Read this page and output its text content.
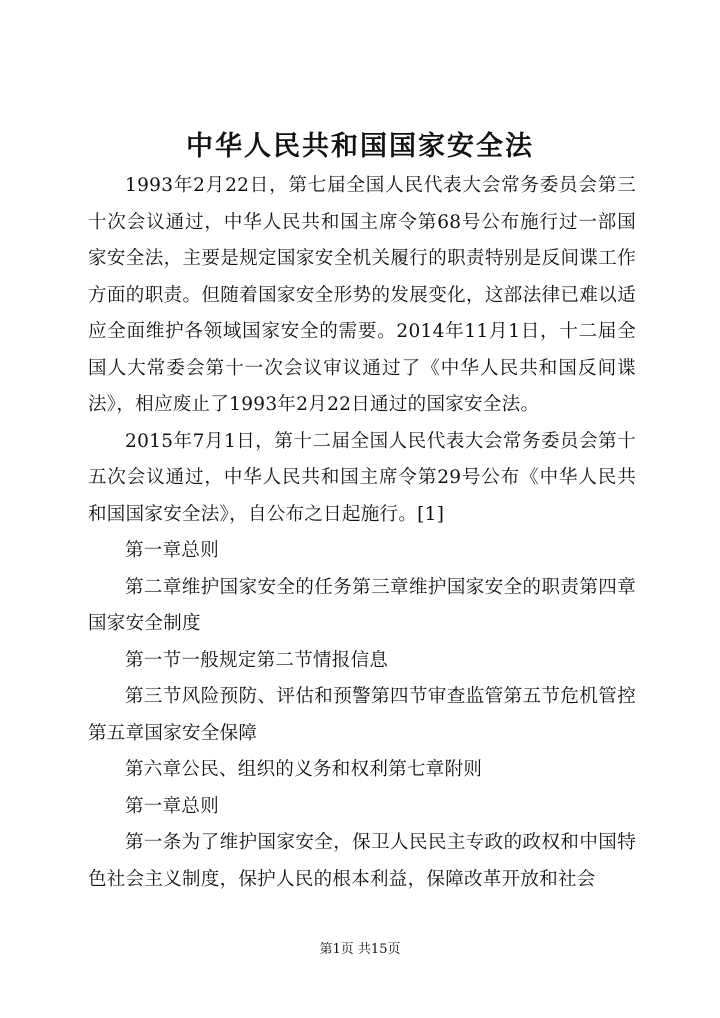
中华人民共和国国家安全法

1993年2月22日，第七届全国人民代表大会常务委员会第三十次会议通过，中华人民共和国主席令第68号公布施行过一部国家安全法，主要是规定国家安全机关履行的职责特别是反间谍工作方面的职责。但随着国家安全形势的发展变化，这部法律已难以适应全面维护各领域国家安全的需要。2014年11月1日，十二届全国人大常委会第十一次会议审议通过了《中华人民共和国反间谍法》，相应废止了1993年2月22日通过的国家安全法。

2015年7月1日，第十二届全国人民代表大会常务委员会第十五次会议通过，中华人民共和国主席令第29号公布《中华人民共和国国家安全法》，自公布之日起施行。[1]

第一章总则

第二章维护国家安全的任务第三章维护国家安全的职责第四章国家安全制度

第一节一般规定第二节情报信息

第三节风险预防、评估和预警第四节审查监管第五节危机管控第五章国家安全保障

第六章公民、组织的义务和权利第七章附则

第一章总则

第一条为了维护国家安全，保卫人民民主专政的政权和中国特色社会主义制度，保护人民的根本利益，保障改革开放和社会

第1页 共15页
